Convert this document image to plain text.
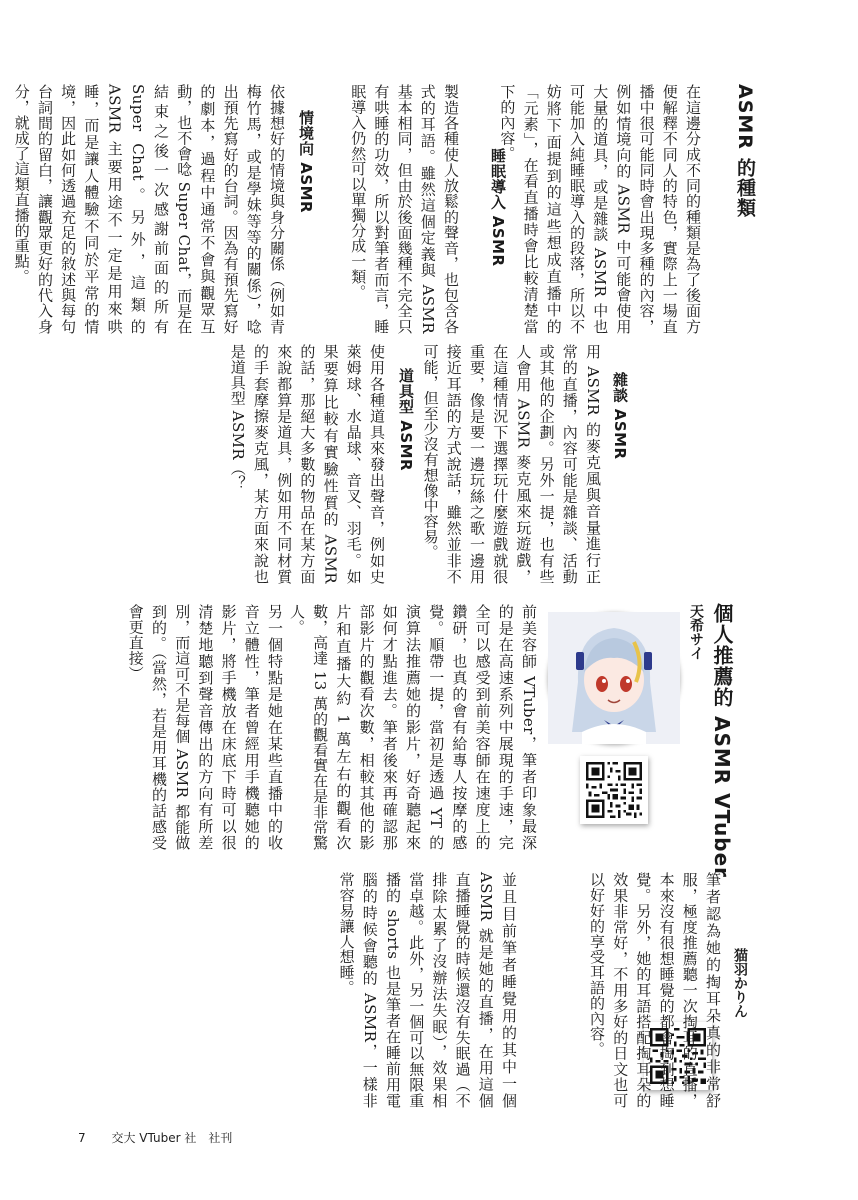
ASMR 的種類
在這邊分成不同的種類是為了後面方便解釋不同人的特色，實際上一場直播中很可能同時會出現多種的內容，例如情境向的 ASMR 中可能會使用大量的道具，或是雜談 ASMR 中也可能加入純睡眠導入的段落，所以不妨將下面提到的這些想成直播中的「元素」，在看直播時會比較清楚當下的內容。
睡眠導入 ASMR
製造各種使人放鬆的聲音，也包含各式的耳語。雖然這個定義與 ASMR 基本相同，但由於後面幾種不完全只有哄睡的功效，所以對筆者而言，睡眠導入仍然可以單獨分成一類。
情境向 ASMR
依據想好的情境與身分關係（例如青梅竹馬，或是學妹等等的關係），唸出預先寫好的台詞。因為有預先寫好的劇本，過程中通常不會與觀眾互動，也不會唸 Super Chat，而是在結束之後一次感謝前面的所有 Super Chat。另外，這類的 ASMR 主要用途不一定是用來哄睡，而是讓人體驗不同於平常的情境，因此如何透過充足的敘述與每句台詞間的留白，讓觀眾更好的代入身分，就成了這類直播的重點。
雜談 ASMR
用 ASMR 的麥克風與音量進行正常的直播，內容可能是雜談、活動或其他的企劃。另外一提，也有些人會用 ASMR 麥克風來玩遊戲，在這種情況下選擇玩什麼遊戲就很重要，像是要一邊玩絲之歌一邊用接近耳語的方式說話，雖然並非不可能，但至少沒有想像中容易。
道具型 ASMR
使用各種道具來發出聲音，例如史萊姆球、水晶球、音叉、羽毛。如果要算比較有實驗性質的 ASMR 的話，那絕大多數的物品在某方面來說都算是道具，例如用不同材質的手套摩擦麥克風，某方面來說也是道具型 ASMR（？
個人推薦的 ASMR VTuber
天希サイ
前美容師 VTuber，筆者印象最深的是在高速系列中展現的手速，完全可以感受到前美容師在速度上的鑽研，也真的會有給專人按摩的感覺。順帶一提，當初是透過 YT 的演算法推薦她的影片，好奇聽起來如何才點進去。筆者後來再確認那部影片的觀看次數，相較其他的影片和直播大約 1 萬左右的觀看次數，高達 13 萬的觀看實在是非常驚人。
另一個特點是她在某些直播中的收音立體性，筆者曾經用手機聽她的影片，將手機放在床底下時可以很清楚地聽到聲音傳出的方向有所差別，而這可不是每個 ASMR 都能做到的。（當然，若是用耳機的話感受會更直接）
猫羽かりん
筆者認為她的掏耳朵真的非常舒服，極度推薦聽一次掏耳的直播，本來沒有很想睡覺的都會掏到想睡覺。另外，她的耳語搭配掏耳朵的效果非常好，不用多好的日文也可以好好的享受耳語的內容。
並且目前筆者睡覺用的其中一個 ASMR 就是她的直播，在用這個直播睡覺的時候還沒有失眠過（不排除太累了沒辦法失眠），效果相當卓越。此外，另一個可以無限重播的 shorts 也是筆者在睡前用電腦的時候會聽的 ASMR，一樣非常容易讓人想睡。
7 交大 VTuber 社　社刊
